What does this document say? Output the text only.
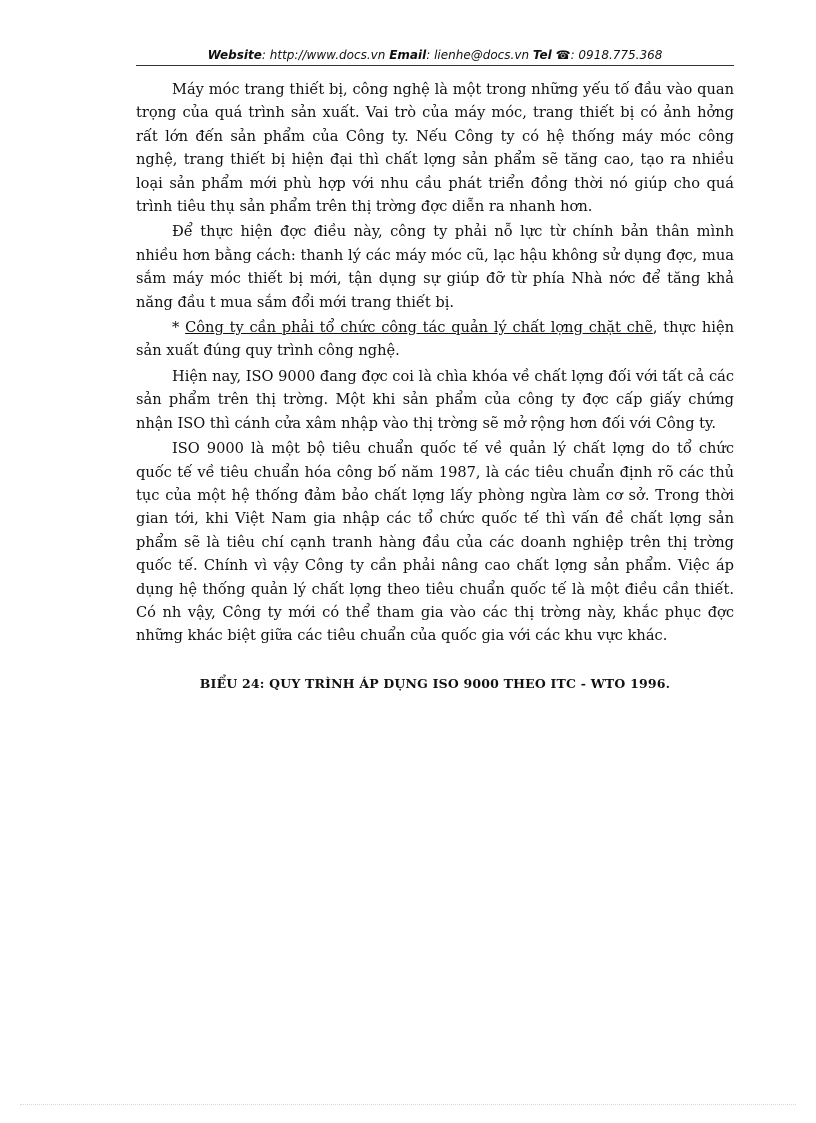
Website: http://www.docs.vn Email: lienhe@docs.vn Tel ☎: 0918.775.368

Máy móc trang thiết bị, công nghệ là một trong những yếu tố đầu vào quan trọng của quá trình sản xuất. Vai trò của máy móc, trang thiết bị có ảnh hởng rất lớn đến sản phẩm của Công ty. Nếu Công ty có hệ thống máy móc công nghệ, trang thiết bị hiện đại thì chất lợng sản phẩm sẽ tăng cao, tạo ra nhiều loại sản phẩm mới phù hợp với nhu cầu phát triển đồng thời nó giúp cho quá trình tiêu thụ sản phẩm trên thị trờng đợc diễn ra nhanh hơn.

Để thực hiện đợc điều này, công ty phải nỗ lực từ chính bản thân mình nhiều hơn bằng cách: thanh lý các máy móc cũ, lạc hậu không sử dụng đợc, mua sắm máy móc thiết bị mới, tận dụng sự giúp đỡ từ phía Nhà nớc để tăng khả năng đầu t mua sắm đổi mới trang thiết bị.

* Công ty cần phải tổ chức công tác quản lý chất lợng chặt chẽ, thực hiện sản xuất đúng quy trình công nghệ.

Hiện nay, ISO 9000 đang đợc coi là chìa khóa về chất lợng đối với tất cả các sản phẩm trên thị trờng. Một khi sản phẩm của công ty đợc cấp giấy chứng nhận ISO thì cánh cửa xâm nhập vào thị trờng sẽ mở rộng hơn đối với Công ty.

ISO 9000 là một bộ tiêu chuẩn quốc tế về quản lý chất lợng do tổ chức quốc tế về tiêu chuẩn hóa công bố năm 1987, là các tiêu chuẩn định rõ các thủ tục của một hệ thống đảm bảo chất lợng lấy phòng ngừa làm cơ sở. Trong thời gian tới, khi Việt Nam gia nhập các tổ chức quốc tế thì vấn đề chất lợng sản phẩm sẽ là tiêu chí cạnh tranh hàng đầu của các doanh nghiệp trên thị trờng quốc tế. Chính vì vậy Công ty cần phải nâng cao chất lợng sản phẩm. Việc áp dụng hệ thống quản lý chất lợng theo tiêu chuẩn quốc tế là một điều cần thiết. Có nh vậy, Công ty mới có thể tham gia vào các thị trờng này, khắc phục đợc những khác biệt giữa các tiêu chuẩn của quốc gia với các khu vực khác.

BIỂU 24: QUY TRÌNH ÁP DỤNG ISO 9000 THEO ITC - WTO 1996.
